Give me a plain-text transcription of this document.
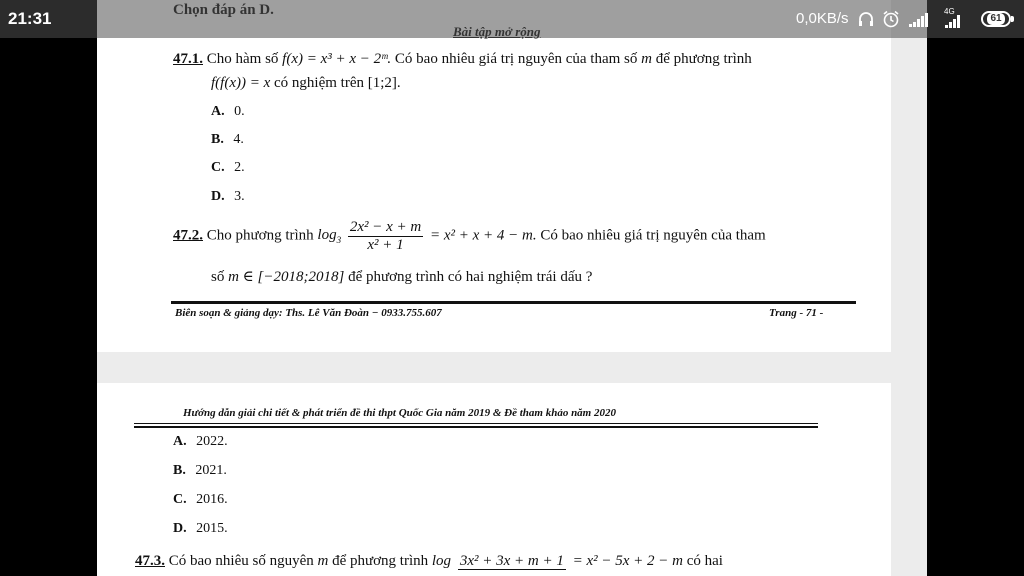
47.1. Cho hàm số f(x) = x³ + x − 2ᵐ. Có bao nhiêu giá trị nguyên của tham số m để phương trình
f(f(x)) = x có nghiệm trên [1;2].
A. 0.
B. 4.
C. 2.
D. 3.
47.2. Cho phương trình $\log_3 \frac{\text{2x² − x + m}}{\text{x² + 1}} = x^2 + x + 4 - m$. Có bao nhiêu giá trị nguyên của tham
số m ∈ [−2018;2018] để phương trình có hai nghiệm trái dấu ?
Biên soạn & giảng dạy: Ths. Lê Văn Đoàn − 0933.755.607	Trang - 71 -
Hướng dẫn giải chi tiết & phát triển đề thi thpt Quốc Gia năm 2019 & Đề tham khảo năm 2020
A. 2022.
B. 2021.
C. 2016.
D. 2015.
47.3. Có bao nhiêu số nguyên m để phương trình log 3x² + 3x + m + 1 = x² − 5x + 2 − m có hai
21:31	0,0KB/s	4G
61
